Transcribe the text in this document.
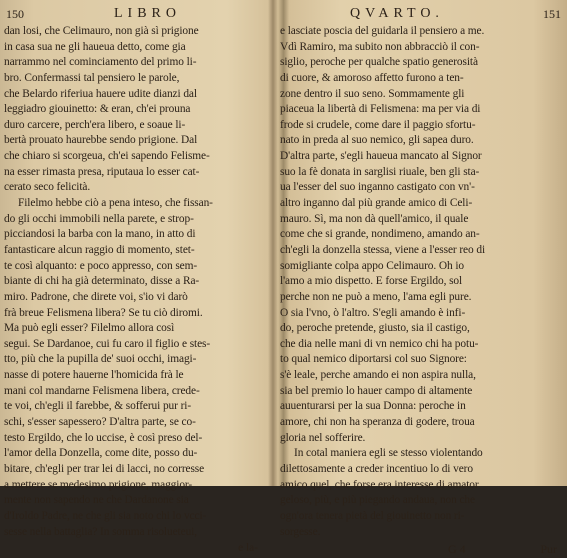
150	LIBRO
dan losi, che Celimauro, non già sì prigione
in casa sua ne gli haueua detto, come gia
narrammo nel cominciamento del primo li-
bro. Confermassi tal pensiero le parole,
che Belardo riferiua hauere udite dianzi dal
leggiadro giouinetto: & eran, ch'ei prouna
duro carcere, perch'era libero, e soaue li-
bertà prouato haurebbe sendo prigione. Dal
che chiaro si scorgeua, ch'ei sapendo Felisme-
na esser rimasta presa, riputaua lo esser cat-
cerato seco felicità.
Filelmo hebbe ciò a pena inteso, che fissan-
do gli occhi immobili nella parete, e strop-
picciandosi la barba con la mano, in atto di
fantasticare alcun raggio di momento, stet-
te così alquanto: e poco appresso, con sem-
biante di chi ha già determinato, disse a Ra-
miro. Padrone, che direte voi, s'io vi darò
frà breue Felismena libera? Se tu ciò diromi.
Ma può egli esser? Filelmo allora così
segui. Se Dardanoe, cui fu caro il figlio e stes-
tto, più che la pupilla de' suoi occhi, imagi-
nasse di potere hauerne l'homicida frà le
mani col mandarne Felismena libera, crede-
te voi, ch'egli il farebbe, & sofferui pur ri-
schi, s'esser sapessero? D'altra parte, se co-
testo Ergildo, che lo uccise, è così preso del-
l'amor della Donzella, come dite, posso du-
bitare, ch'egli per trar lei di lacci, no corresse
a mettere se medesimo prigione, maggior-
mente non sapendo ne che Dardanone sia
d'Iroldo Padre, ne che gli sia noto chi lo vcci-
sesse nella battaglia? In somma risolueteui,
e la-
QVARTO.	151
e lasciate poscia del guidarla il pensiero a me.
Vdì Ramiro, ma subito non abbracciò il con-
siglio, peroche per qualche spatio generosità
di cuore, & amoroso affetto furono a ten-
zone dentro il suo seno. Sommamente gli
piaceua la libertà di Felismena: ma per via di
frode si crudele, come dare il paggio sfortu-
nato in preda al suo nemico, gli sapea duro.
D'altra parte, s'egli haueua mancato al Signor
suo la fè donata in sarglisi riuale, ben gli sta-
ua l'esser del suo inganno castigato con vn'-
altro inganno dal più grande amico di Celi-
mauro. Sì, ma non dà quell'amico, il quale
come che si grande, nondimeno, amando an-
ch'egli la donzella stessa, viene a l'esser reo di
somigliante colpa appo Celimauro. Oh io
l'amo a mio dispetto. E forse Ergildo, sol
perche non ne può a meno, l'ama egli pure.
O sia l'vno, ò l'altro. S'egli amando è infi-
do, peroche pretende, giusto, sia il castigo,
che dia nelle mani di vn nemico chi ha potu-
to qual nemico diportarsi col suo Signore:
s'è leale, perche amando ei non aspira nulla,
sia bel premio lo hauer campo di altamente
auuenturarsi per la sua Donna: peroche in
amore, chi non ha speranza di godere, troua
gloria nel sofferire.
In cotal maniera egli se stesso violentando
dilettosamente a creder incentiuo lo di vero
amico quel, che forse era interesse di amator
geloso, più, e più piegando andaua, non che
ogn'ora tenera pietà del giouinetto non ri-
sorgesse.
G 4	Pur
